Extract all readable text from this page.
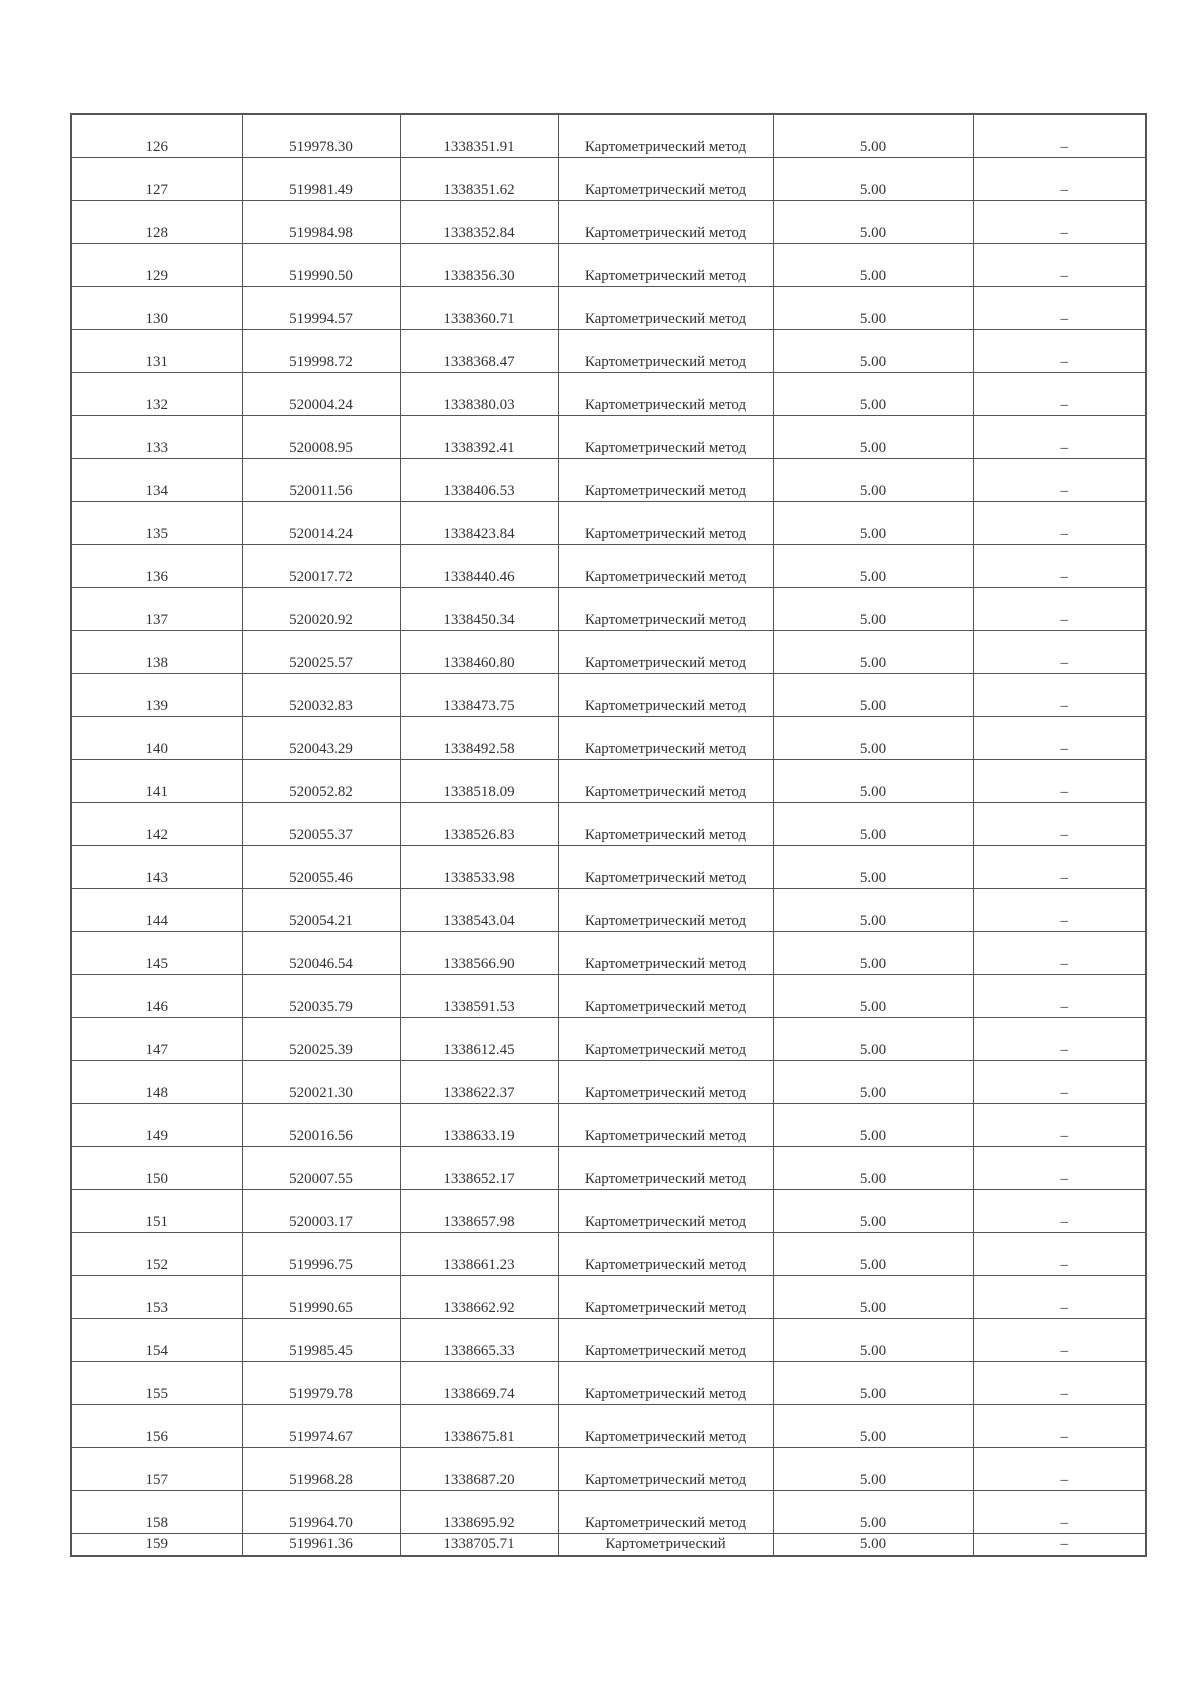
126	519978.30	1338351.91	Картометрический метод	5.00	–
127	519981.49	1338351.62	Картометрический метод	5.00	–
128	519984.98	1338352.84	Картометрический метод	5.00	–
129	519990.50	1338356.30	Картометрический метод	5.00	–
130	519994.57	1338360.71	Картометрический метод	5.00	–
131	519998.72	1338368.47	Картометрический метод	5.00	–
132	520004.24	1338380.03	Картометрический метод	5.00	–
133	520008.95	1338392.41	Картометрический метод	5.00	–
134	520011.56	1338406.53	Картометрический метод	5.00	–
135	520014.24	1338423.84	Картометрический метод	5.00	–
136	520017.72	1338440.46	Картометрический метод	5.00	–
137	520020.92	1338450.34	Картометрический метод	5.00	–
138	520025.57	1338460.80	Картометрический метод	5.00	–
139	520032.83	1338473.75	Картометрический метод	5.00	–
140	520043.29	1338492.58	Картометрический метод	5.00	–
141	520052.82	1338518.09	Картометрический метод	5.00	–
142	520055.37	1338526.83	Картометрический метод	5.00	–
143	520055.46	1338533.98	Картометрический метод	5.00	–
144	520054.21	1338543.04	Картометрический метод	5.00	–
145	520046.54	1338566.90	Картометрический метод	5.00	–
146	520035.79	1338591.53	Картометрический метод	5.00	–
147	520025.39	1338612.45	Картометрический метод	5.00	–
148	520021.30	1338622.37	Картометрический метод	5.00	–
149	520016.56	1338633.19	Картометрический метод	5.00	–
150	520007.55	1338652.17	Картометрический метод	5.00	–
151	520003.17	1338657.98	Картометрический метод	5.00	–
152	519996.75	1338661.23	Картометрический метод	5.00	–
153	519990.65	1338662.92	Картометрический метод	5.00	–
154	519985.45	1338665.33	Картометрический метод	5.00	–
155	519979.78	1338669.74	Картометрический метод	5.00	–
156	519974.67	1338675.81	Картометрический метод	5.00	–
157	519968.28	1338687.20	Картометрический метод	5.00	–
158	519964.70	1338695.92	Картометрический метод	5.00	–
159	519961.36	1338705.71	Картометрический	5.00	–
